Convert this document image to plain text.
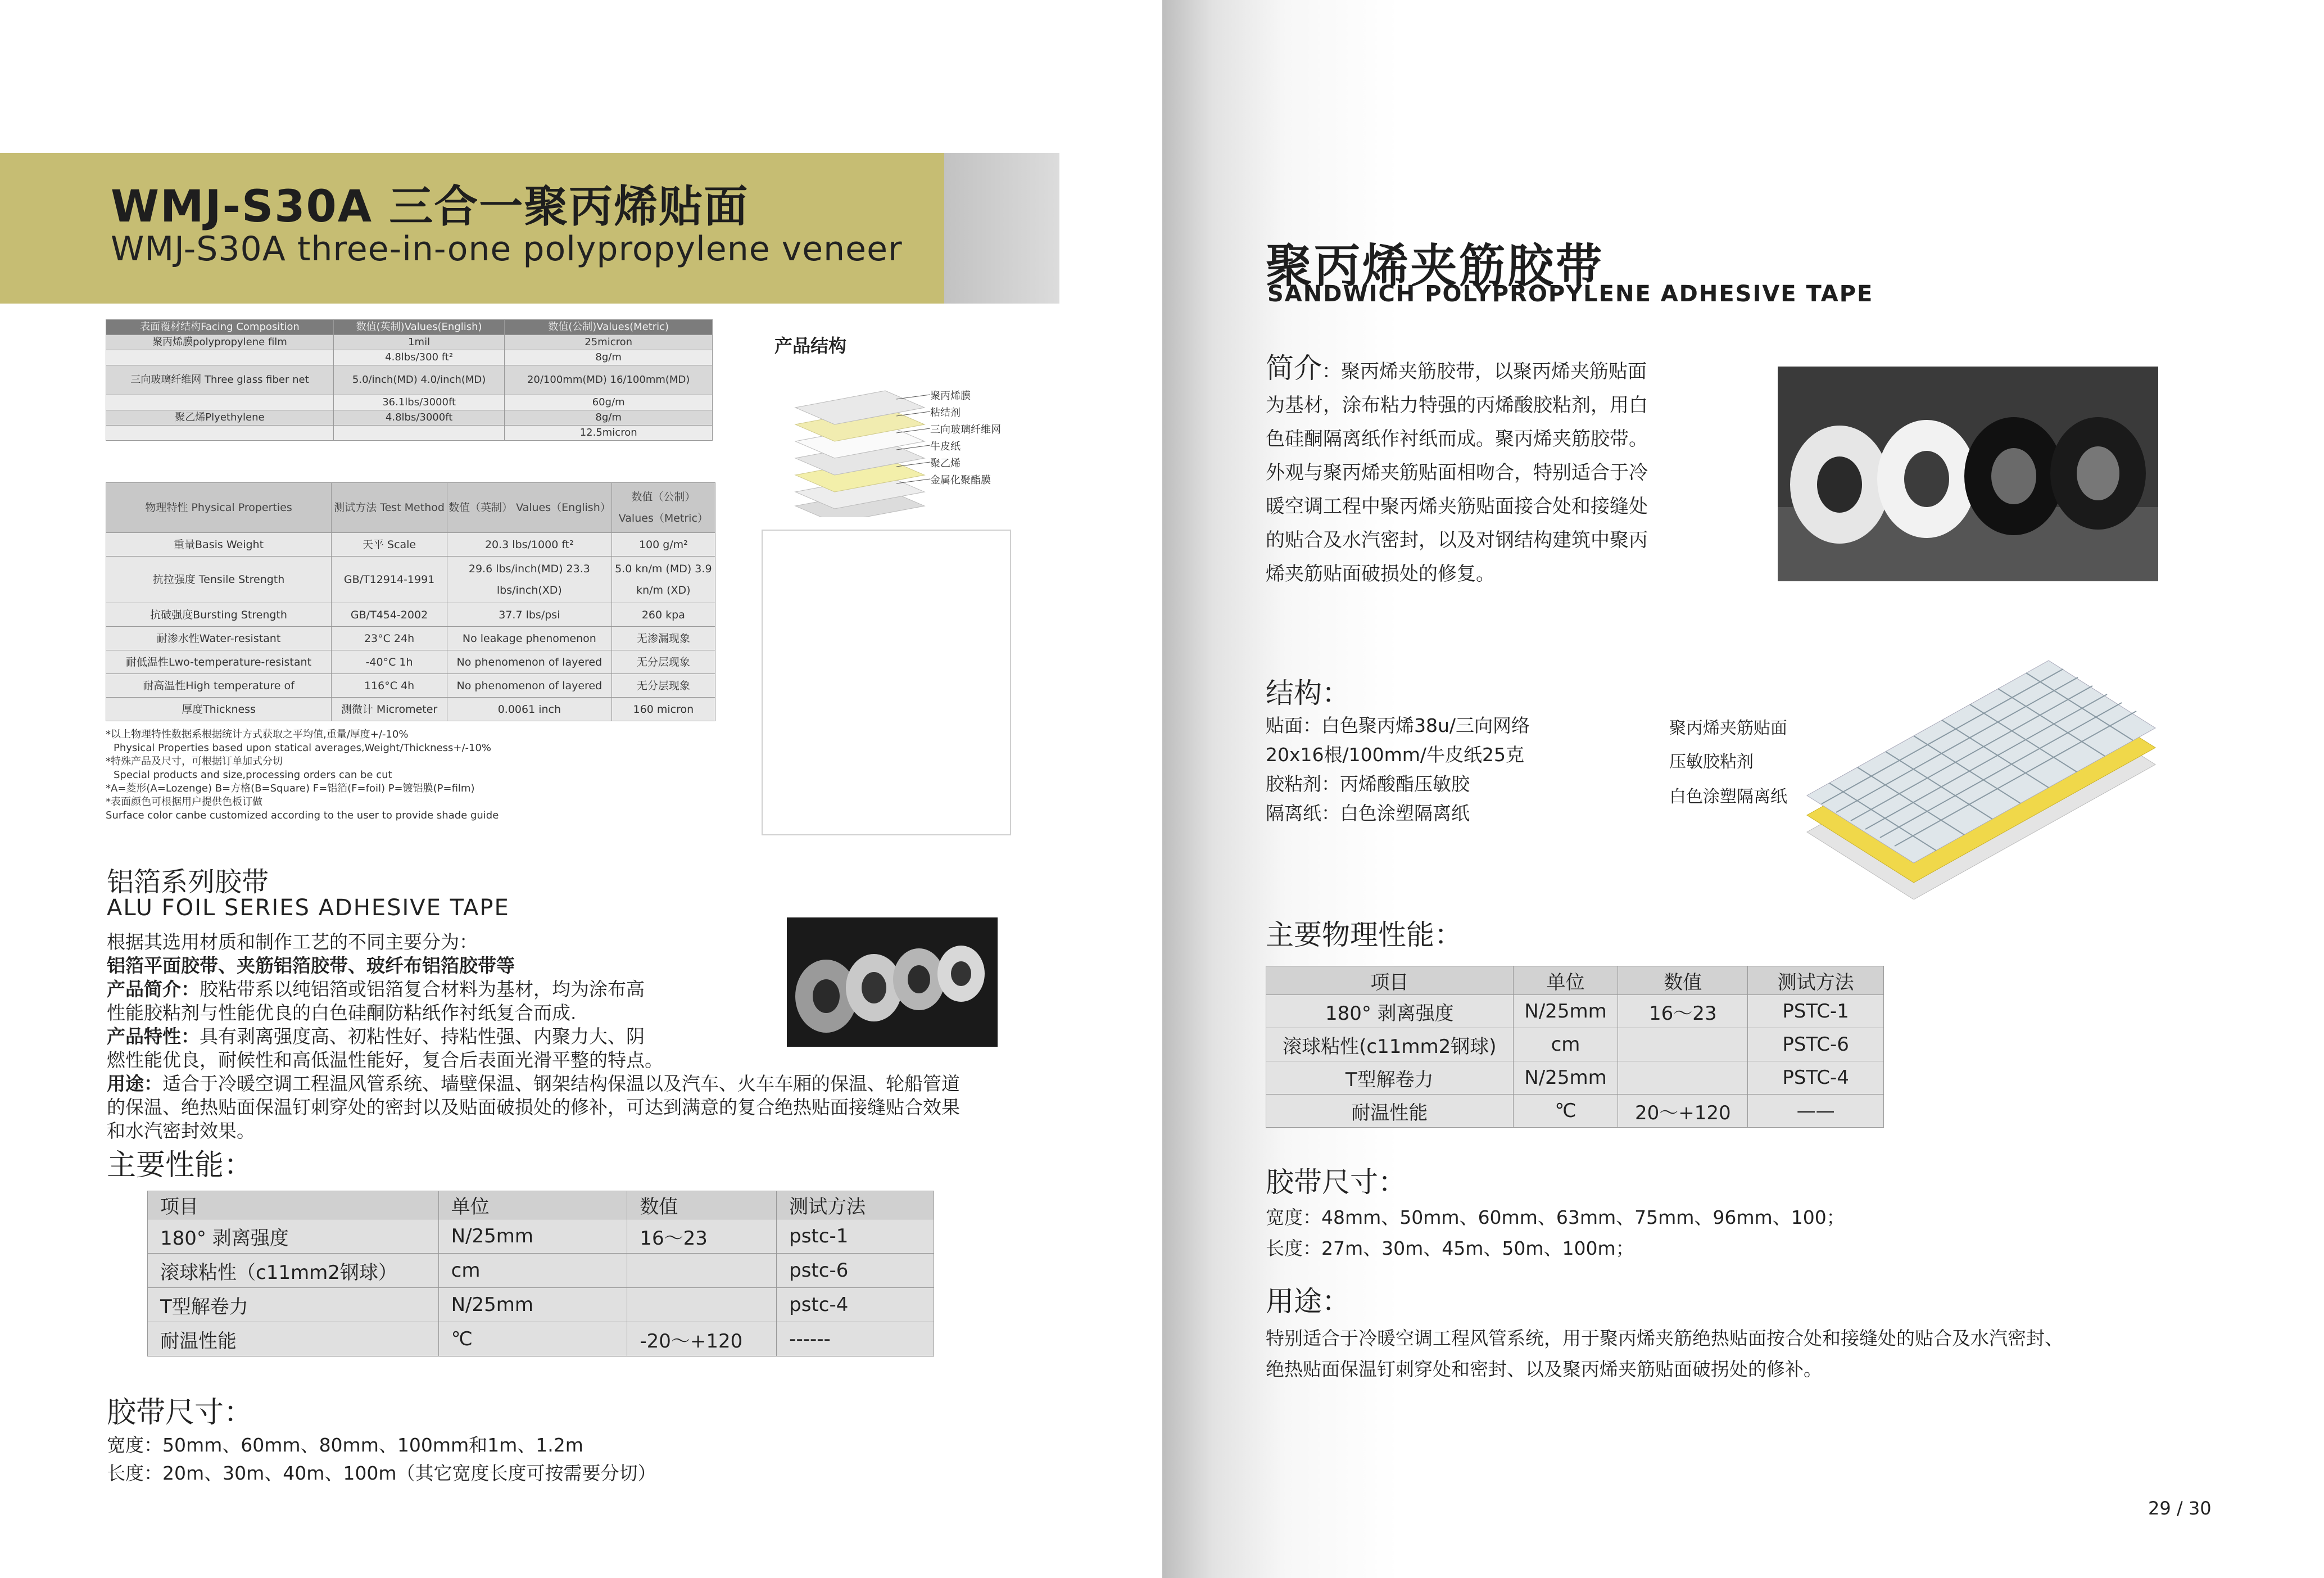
WMJ-S30A 三合一聚丙烯贴面
WMJ-S30A three-in-one polypropylene veneer
表面覆材结构Facing Composition	数值(英制)Values(English)	数值(公制)Values(Metric)
聚丙烯膜polypropylene film	1mil	25micron
	4.8lbs/300 ft²	8g/m
三向玻璃纤维网 Three glass fiber net	5.0/inch(MD) 4.0/inch(MD)	20/100mm(MD) 16/100mm(MD)
	36.1lbs/3000ft	60g/m
聚乙烯Plyethylene	4.8lbs/3000ft	8g/m
		12.5micron
物理特性 Physical Properties	测试方法 Test Method	数值（英制） Values（English）	数值（公制） Values（Metric）
重量Basis Weight	天平 Scale	20.3 lbs/1000 ft²	100 g/m²
抗拉强度 Tensile Strength	GB/T12914-1991	29.6 lbs/inch(MD) 23.3 lbs/inch(XD)	5.0 kn/m (MD) 3.9 kn/m (XD)
抗破强度Bursting Strength	GB/T454-2002	37.7 lbs/psi	260 kpa
耐渗水性Water-resistant	23°C 24h	No leakage phenomenon	无渗漏现象
耐低温性Lwo-temperature-resistant	-40°C 1h	No phenomenon of layered	无分层现象
耐高温性High temperature of	116°C 4h	No phenomenon of layered	无分层现象
厚度Thickness	测微计 Micrometer	0.0061 inch	160 micron
*以上物理特性数据系根据统计方式获取之平均值,重量/厚度+/-10%
Physical Properties based upon statical averages,Weight/Thickness+/-10%
*特殊产品及尺寸，可根据订单加式分切
Special products and size,processing orders can be cut
*A=菱形(A=Lozenge) B=方格(B=Square) F=铝箔(F=foil) P=镀铝膜(P=film)
*表面颜色可根据用户提供色板订做
Surface color canbe customized according to the user to provide shade guide
产品结构
聚丙烯膜
粘结剂
三向玻璃纤维网
牛皮纸
聚乙烯
金属化聚酯膜
铝箔系列胶带
ALU FOIL SERIES ADHESIVE TAPE
根据其选用材质和制作工艺的不同主要分为：
铝箔平面胶带、夹筋铝箔胶带、玻纤布铝箔胶带等
产品简介：胶粘带系以纯铝箔或铝箔复合材料为基材，均为涂布高
性能胶粘剂与性能优良的白色硅酮防粘纸作衬纸复合而成.
产品特性：具有剥离强度高、初粘性好、持粘性强、内聚力大、阴
燃性能优良，耐候性和高低温性能好，复合后表面光滑平整的特点。
用途：适合于冷暖空调工程温风管系统、墙壁保温、钢架结构保温以及汽车、火车车厢的保温、轮船管道
的保温、绝热贴面保温钉刺穿处的密封以及贴面破损处的修补，可达到满意的复合绝热贴面接缝贴合效果
和水汽密封效果。
主要性能：
项目	单位	数值	测试方法
180° 剥离强度	N/25mm	16～23	pstc-1
滚球粘性（c11mm2钢球）	cm		pstc-6
T型解卷力	N/25mm		pstc-4
耐温性能	℃	-20～+120	------
胶带尺寸：
宽度：50mm、60mm、80mm、100mm和1m、1.2m
长度：20m、30m、40m、100m（其它宽度长度可按需要分切）
聚丙烯夹筋胶带
SANDWICH POLYPROPYLENE ADHESIVE TAPE
简介：聚丙烯夹筋胶带，以聚丙烯夹筋贴面
为基材，涂布粘力特强的丙烯酸胶粘剂，用白
色硅酮隔离纸作衬纸而成。聚丙烯夹筋胶带。
外观与聚丙烯夹筋贴面相吻合，特别适合于冷
暖空调工程中聚丙烯夹筋贴面接合处和接缝处
的贴合及水汽密封，以及对钢结构建筑中聚丙
烯夹筋贴面破损处的修复。
结构：
贴面：白色聚丙烯38u/三向网络
20x16根/100mm/牛皮纸25克
胶粘剂：丙烯酸酯压敏胶
隔离纸：白色涂塑隔离纸
聚丙烯夹筋贴面
压敏胶粘剂
白色涂塑隔离纸
主要物理性能：
项目	单位	数值	测试方法
180° 剥离强度	N/25mm	16～23	PSTC-1
滚球粘性(c11mm2钢球)	cm		PSTC-6
T型解卷力	N/25mm		PSTC-4
耐温性能	℃	20～+120	——
胶带尺寸：
宽度：48mm、50mm、60mm、63mm、75mm、96mm、100；
长度：27m、30m、45m、50m、100m；
用途：
特别适合于冷暖空调工程风管系统，用于聚丙烯夹筋绝热贴面按合处和接缝处的贴合及水汽密封、
绝热贴面保温钉刺穿处和密封、以及聚丙烯夹筋贴面破拐处的修补。
29 / 30
